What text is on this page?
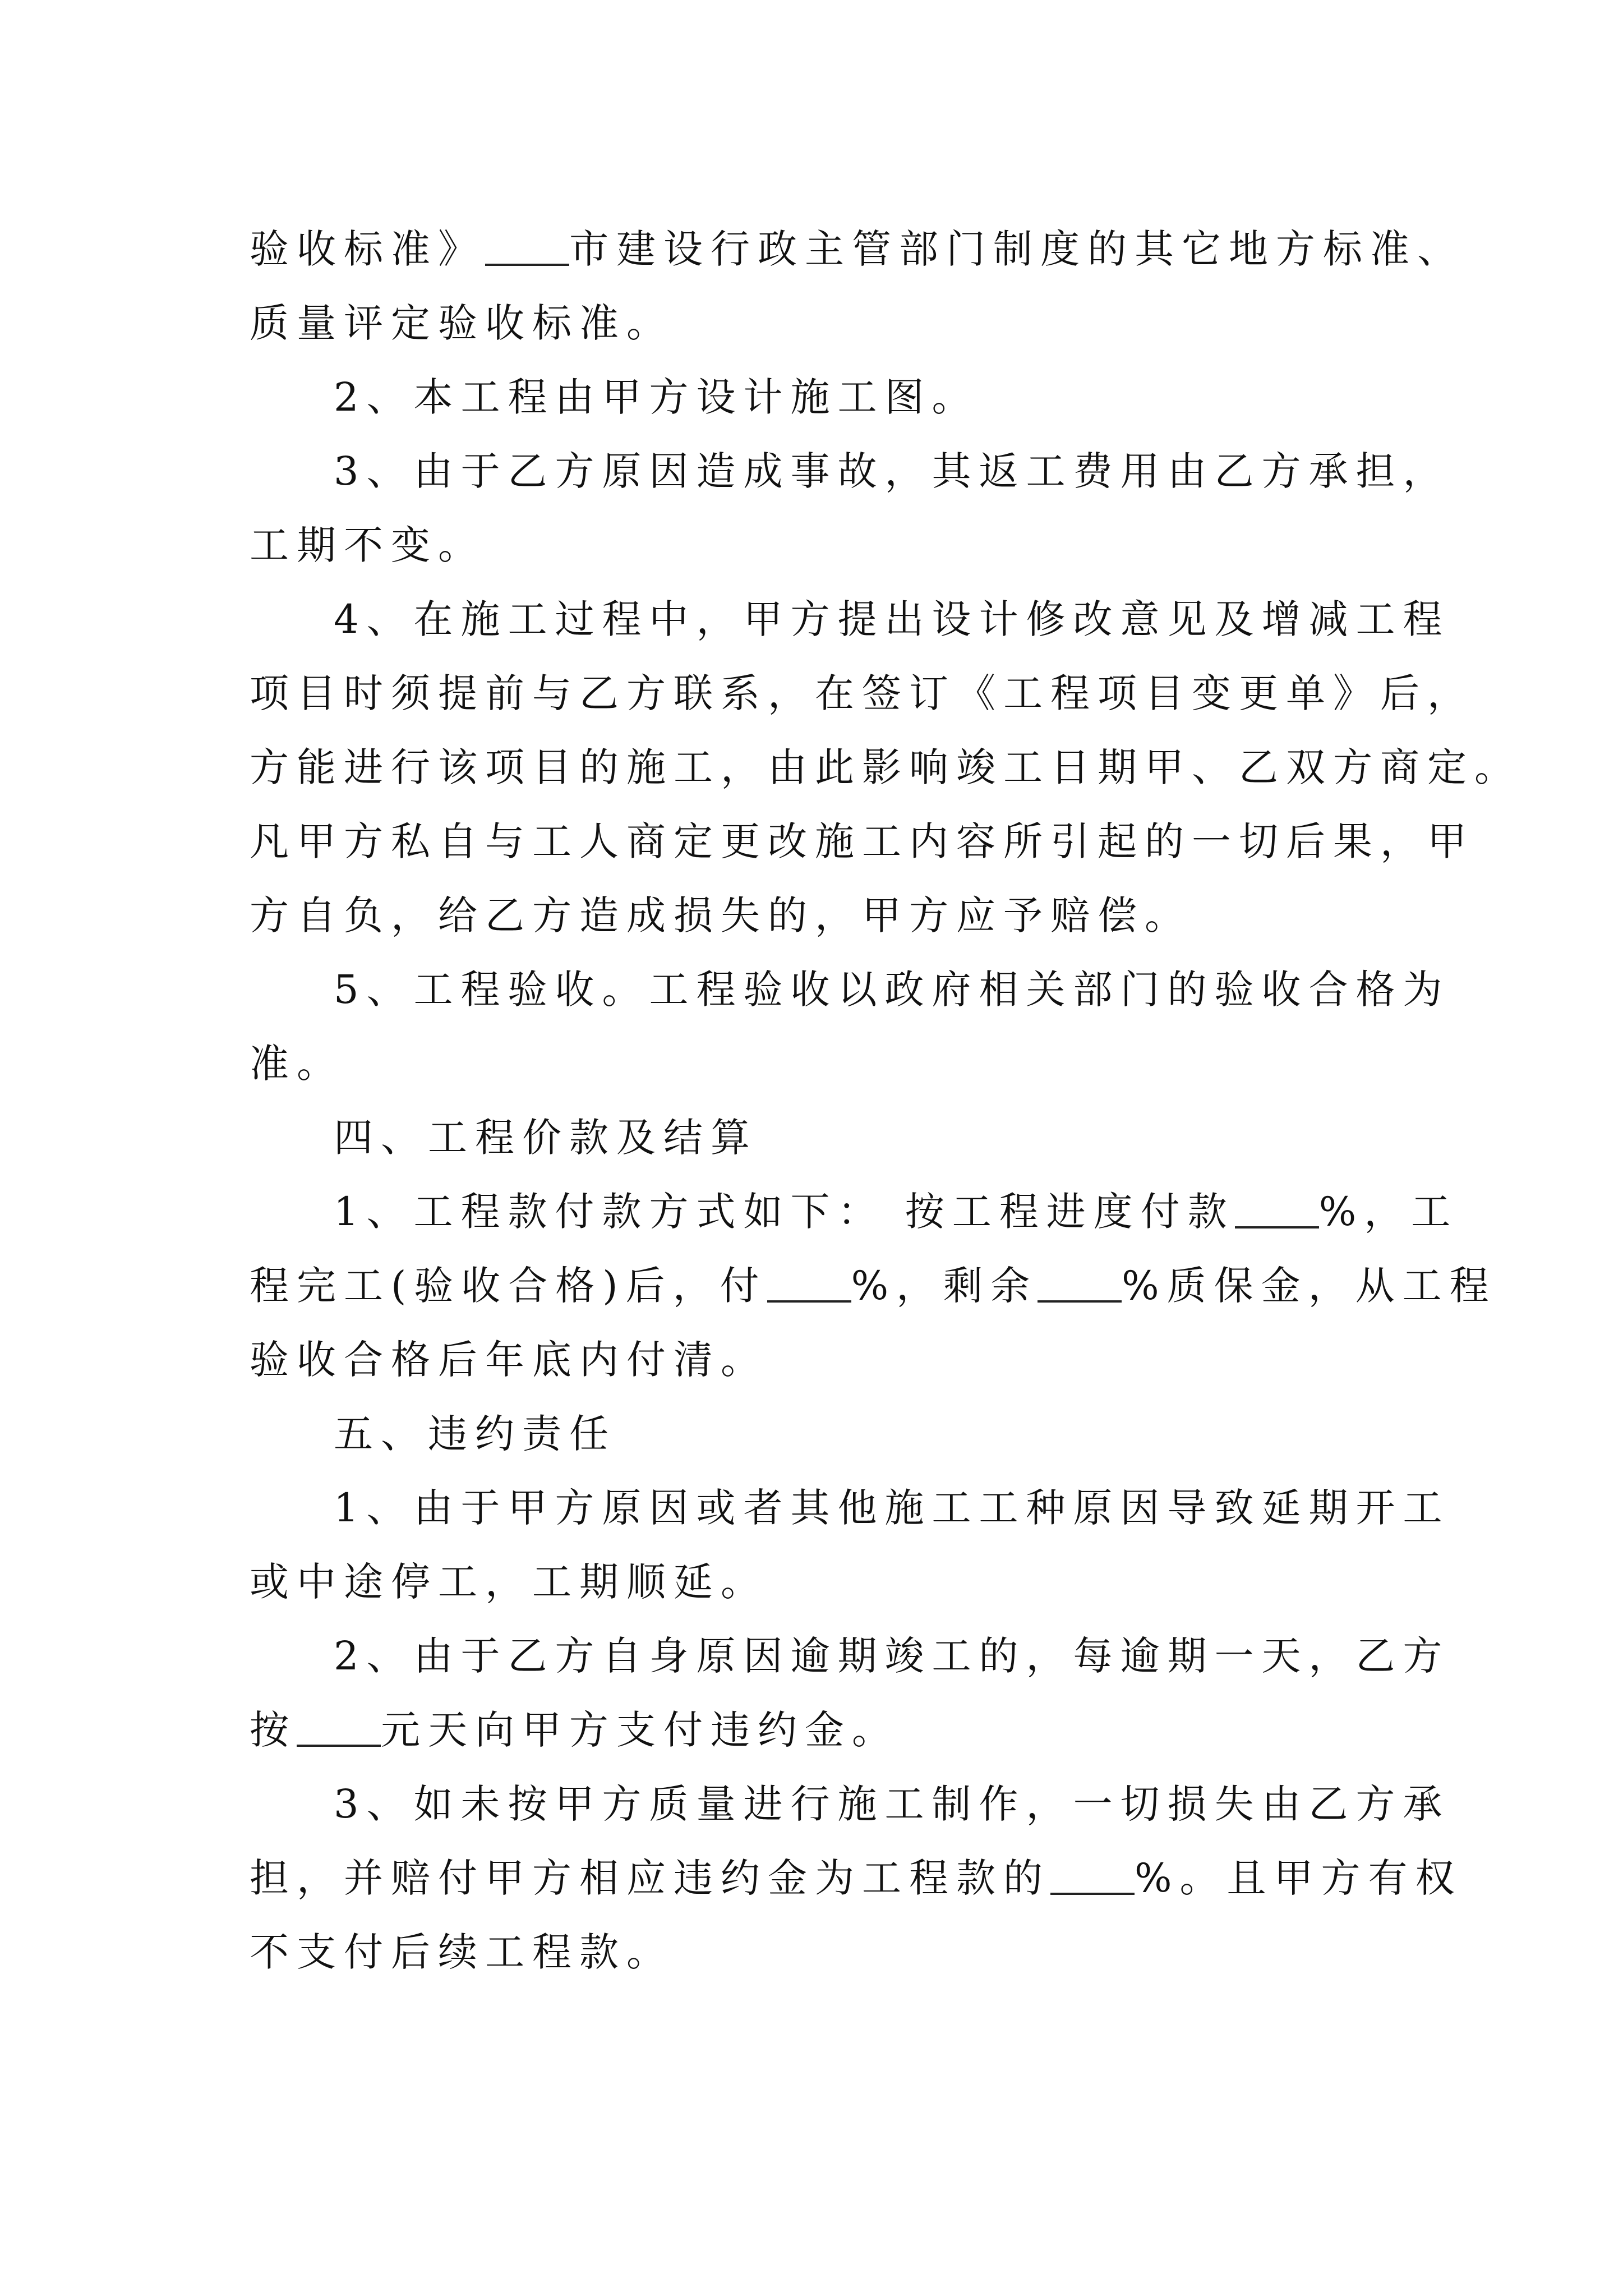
验收标准》 市建设行政主管部门制度的其它地方标准、
质量评定验收标准。
2、本工程由甲方设计施工图。
3、由于乙方原因造成事故，其返工费用由乙方承担，
工期不变。
4、在施工过程中，甲方提出设计修改意见及增减工程
项目时须提前与乙方联系，在签订《工程项目变更单》后，
方能进行该项目的施工，由此影响竣工日期甲、乙双方商定。
凡甲方私自与工人商定更改施工内容所引起的一切后果，甲
方自负，给乙方造成损失的，甲方应予赔偿。
5、工程验收。工程验收以政府相关部门的验收合格为
准。
四、工程价款及结算
1、工程款付款方式如下： 按工程进度付款 %，工
程完工(验收合格)后，付 %，剩余 %质保金，从工程
验收合格后年底内付清。
五、违约责任
1、由于甲方原因或者其他施工工种原因导致延期开工
或中途停工，工期顺延。
2、由于乙方自身原因逾期竣工的，每逾期一天，乙方
按 元天向甲方支付违约金。
3、如未按甲方质量进行施工制作，一切损失由乙方承
担，并赔付甲方相应违约金为工程款的 %。且甲方有权
不支付后续工程款。
